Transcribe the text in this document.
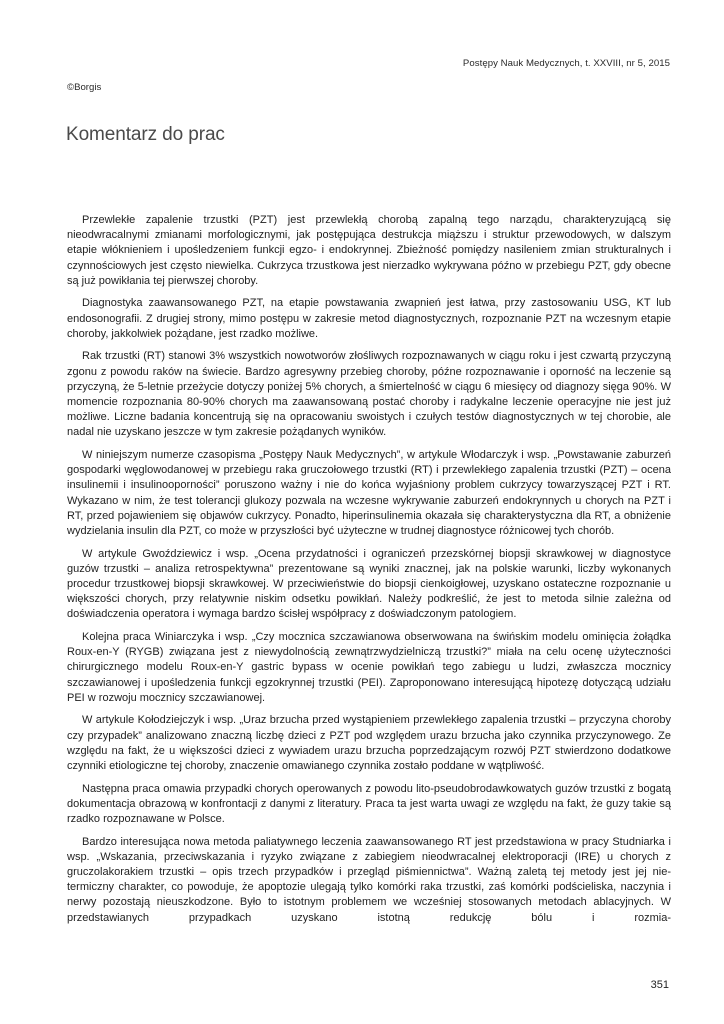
Postępy Nauk Medycznych, t. XXVIII, nr 5, 2015
©Borgis
Komentarz do prac

Przewlekłe zapalenie trzustki (PZT) jest przewlekłą chorobą zapalną tego narządu, charakteryzującą się nieodwracalnymi zmianami morfologicznymi, jak postępująca destrukcja miąższu i struktur przewodowych, w dalszym etapie włóknieniem i upośledzeniem funkcji egzo- i endokrynnej. Zbieżność pomiędzy nasileniem zmian strukturalnych i czynnościowych jest często niewielka. Cukrzyca trzustkowa jest nierzadko wykrywana późno w przebiegu PZT, gdy obecne są już powikłania tej pierwszej choroby.

Diagnostyka zaawansowanego PZT, na etapie powstawania zwapnień jest łatwa, przy zastosowaniu USG, KT lub endosonografii. Z drugiej strony, mimo postępu w zakresie metod diagnostycznych, rozpoznanie PZT na wczesnym etapie choroby, jakkolwiek pożądane, jest rzadko możliwe.

Rak trzustki (RT) stanowi 3% wszystkich nowotworów złośliwych rozpoznawanych w ciągu roku i jest czwartą przyczyną zgonu z powodu raków na świecie. Bardzo agresywny przebieg choroby, późne rozpoznawanie i oporność na leczenie są przyczyną, że 5-letnie przeżycie dotyczy poniżej 5% chorych, a śmiertelność w ciągu 6 miesięcy od diagnozy sięga 90%. W momencie rozpoznania 80-90% chorych ma zaawansowaną postać choroby i radykalne leczenie operacyjne nie jest już możliwe. Liczne badania koncentrują się na opracowaniu swoistych i czułych testów diagnostycznych w tej chorobie, ale nadal nie uzyskano jeszcze w tym zakresie pożądanych wyników.

W niniejszym numerze czasopisma „Postępy Nauk Medycznych”, w artykule Włodarczyk i wsp. „Powstawanie zaburzeń gospodarki węglowodanowej w przebiegu raka gruczołowego trzustki (RT) i przewlekłego zapalenia trzustki (PZT) – ocena insulinemii i insulinooporności” poruszono ważny i nie do końca wyjaśniony problem cukrzycy towarzyszącej PZT i RT. Wykazano w nim, że test tolerancji glukozy pozwala na wczesne wykrywanie zaburzeń endokrynnych u chorych na PZT i RT, przed pojawieniem się objawów cukrzycy. Ponadto, hiperinsulinemia okazała się charakterystyczna dla RT, a obniżenie wydzielania insulin dla PZT, co może w przyszłości być użyteczne w trudnej diagnostyce różnicowej tych chorób.

W artykule Gwoździewicz i wsp. „Ocena przydatności i ograniczeń przezskórnej biopsji skrawkowej w diagnostyce guzów trzustki – analiza retrospektywna” prezentowane są wyniki znacznej, jak na polskie warunki, liczby wykonanych procedur trzustkowej biopsji skrawkowej. W przeciwieństwie do biopsji cienkoigłowej, uzyskano ostateczne rozpoznanie u większości chorych, przy relatywnie niskim odsetku powikłań. Należy podkreślić, że jest to metoda silnie zależna od doświadczenia operatora i wymaga bardzo ścisłej współpracy z doświadczonym patologiem.

Kolejna praca Winiarczyka i wsp. „Czy mocznica szczawianowa obserwowana na świńskim modelu ominięcia żołądka Roux-en-Y (RYGB) związana jest z niewydolnością zewnątrzwydzielniczą trzustki?” miała na celu ocenę użyteczności chirurgicznego modelu Roux-en-Y gastric bypass w ocenie powikłań tego zabiegu u ludzi, zwłaszcza mocznicy szczawianowej i upośledzenia funkcji egzokrynnej trzustki (PEI). Zaproponowano interesującą hipotezę dotyczącą udziału PEI w rozwoju mocznicy szczawianowej.

W artykule Kołodziejczyk i wsp. „Uraz brzucha przed wystąpieniem przewlekłego zapalenia trzustki – przyczyna choroby czy przypadek” analizowano znaczną liczbę dzieci z PZT pod względem urazu brzucha jako czynnika przyczynowego. Ze względu na fakt, że u większości dzieci z wywiadem urazu brzucha poprzedzającym rozwój PZT stwierdzono dodatkowe czynniki etiologiczne tej choroby, znaczenie omawianego czynnika zostało poddane w wątpliwość.

Następna praca omawia przypadki chorych operowanych z powodu lito-pseudobrodawkowatych guzów trzustki z bogatą dokumentacja obrazową w konfrontacji z danymi z literatury. Praca ta jest warta uwagi ze względu na fakt, że guzy takie są rzadko rozpoznawane w Polsce.

Bardzo interesująca nowa metoda paliatywnego leczenia zaawansowanego RT jest przedstawiona w pracy Studniarka i wsp. „Wskazania, przeciwskazania i ryzyko związane z zabiegiem nieodwracalnej elektroporacji (IRE) u chorych z gruczolakorakiem trzustki – opis trzech przypadków i przegląd piśmiennictwa”. Ważną zaletą tej metody jest jej nie-termiczny charakter, co powoduje, że apoptozie ulegają tylko komórki raka trzustki, zaś komórki podścieliska, naczynia i nerwy pozostają nieuszkodzone. Było to istotnym problemem we wcześniej stosowanych metodach ablacyjnych. W przedstawianych przypadkach uzyskano istotną redukcję bólu i rozmia-

351
